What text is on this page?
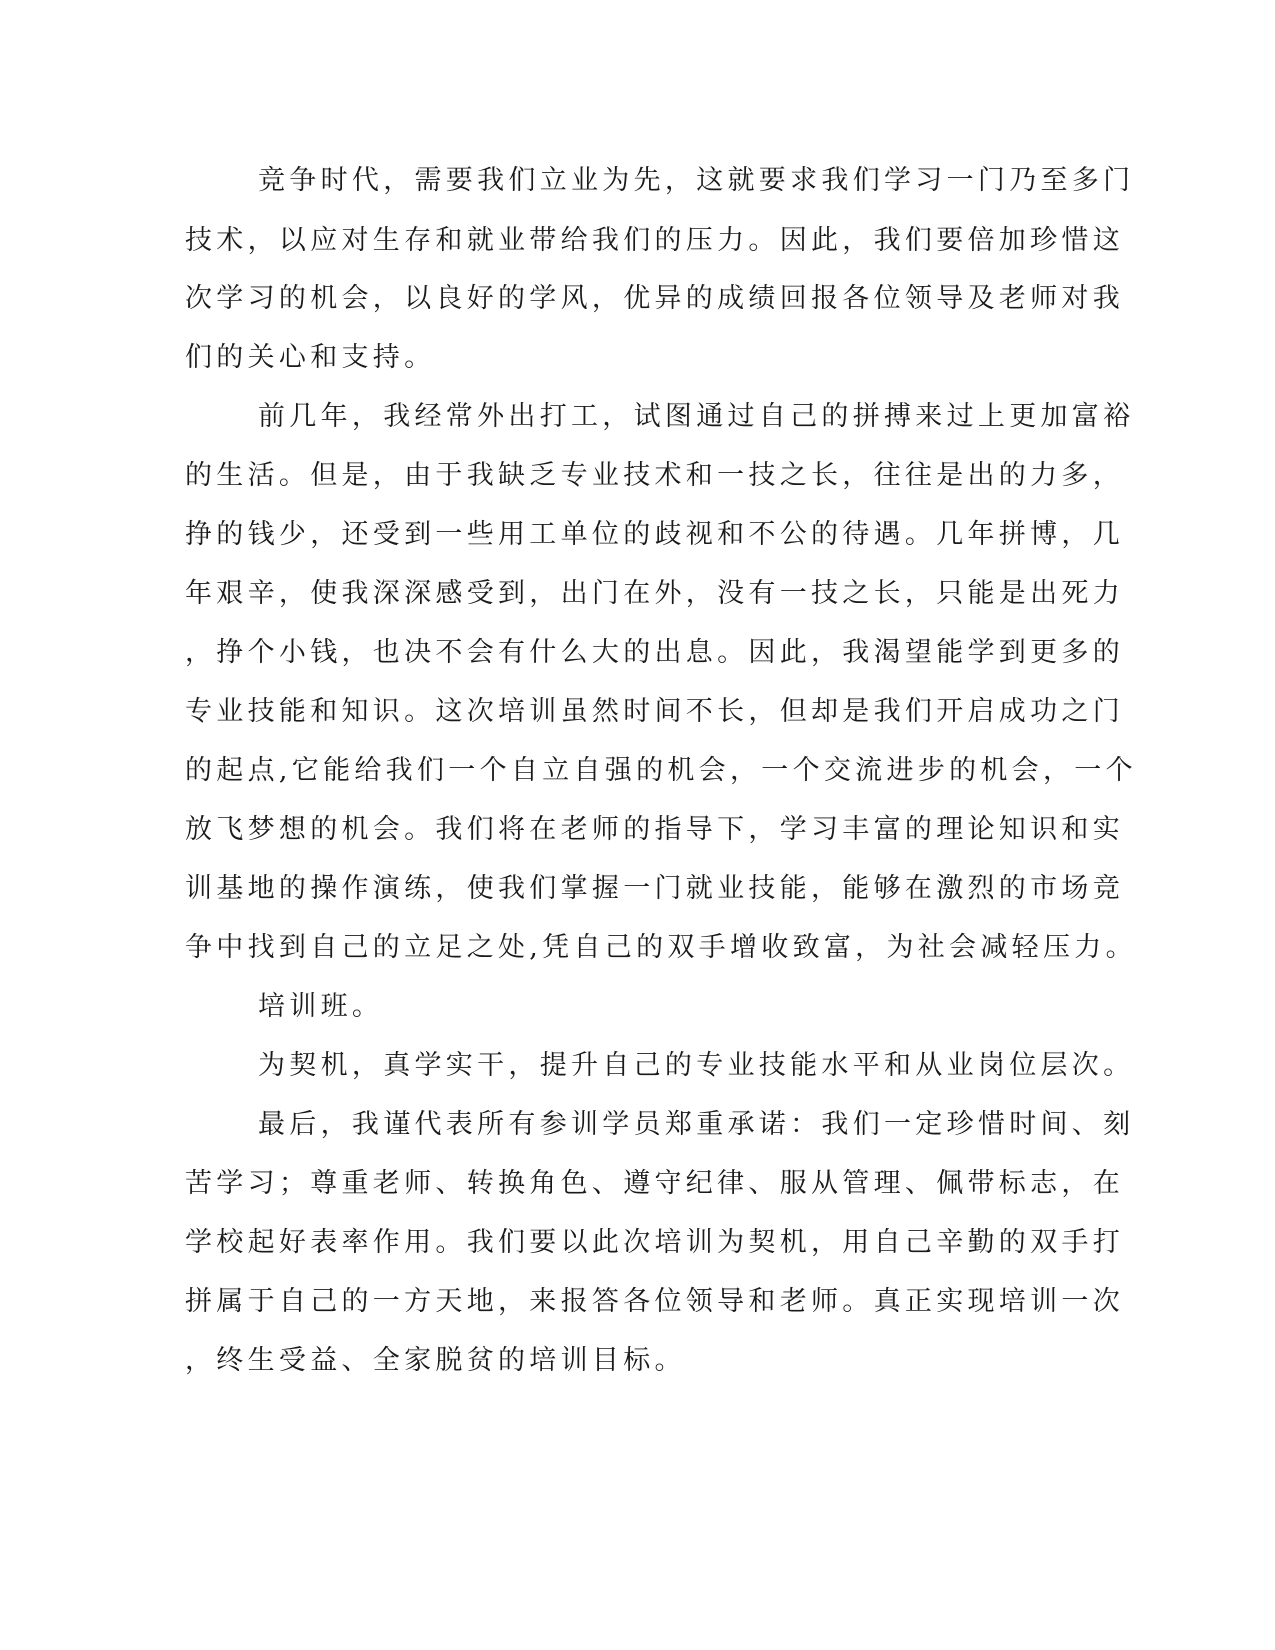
竞争时代，需要我们立业为先，这就要求我们学习一门乃至多门
技术，以应对生存和就业带给我们的压力。因此，我们要倍加珍惜这
次学习的机会，以良好的学风，优异的成绩回报各位领导及老师对我
们的关心和支持。
前几年，我经常外出打工，试图通过自己的拼搏来过上更加富裕
的生活。但是，由于我缺乏专业技术和一技之长，往往是出的力多，
挣的钱少，还受到一些用工单位的歧视和不公的待遇。几年拼博，几
年艰辛，使我深深感受到，出门在外，没有一技之长，只能是出死力
，挣个小钱，也决不会有什么大的出息。因此，我渴望能学到更多的
专业技能和知识。这次培训虽然时间不长，但却是我们开启成功之门
的起点,它能给我们一个自立自强的机会，一个交流进步的机会，一个
放飞梦想的机会。我们将在老师的指导下，学习丰富的理论知识和实
训基地的操作演练，使我们掌握一门就业技能，能够在激烈的市场竞
争中找到自己的立足之处,凭自己的双手增收致富，为社会减轻压力。
培训班。
为契机，真学实干，提升自己的专业技能水平和从业岗位层次。
最后，我谨代表所有参训学员郑重承诺：我们一定珍惜时间、刻
苦学习；尊重老师、转换角色、遵守纪律、服从管理、佩带标志，在
学校起好表率作用。我们要以此次培训为契机，用自己辛勤的双手打
拼属于自己的一方天地，来报答各位领导和老师。真正实现培训一次
，终生受益、全家脱贫的培训目标。
